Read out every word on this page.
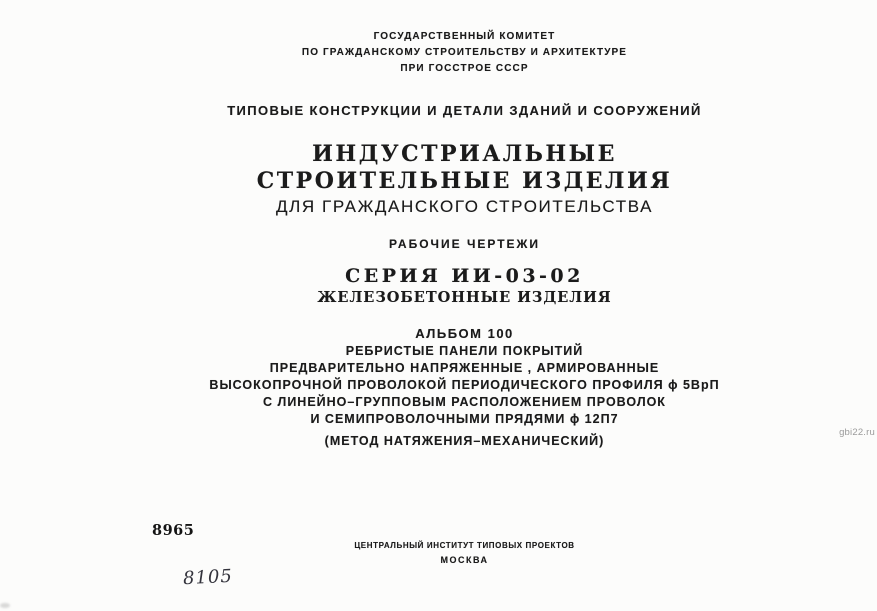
ГОСУДАРСТВЕННЫЙ КОМИТЕТ
ПО ГРАЖДАНСКОМУ СТРОИТЕЛЬСТВУ И АРХИТЕКТУРЕ
ПРИ ГОССТРОЕ СССР
ТИПОВЫЕ КОНСТРУКЦИИ И ДЕТАЛИ ЗДАНИЙ И СООРУЖЕНИЙ
ИНДУСТРИАЛЬНЫЕ
СТРОИТЕЛЬНЫЕ ИЗДЕЛИЯ
ДЛЯ ГРАЖДАНСКОГО СТРОИТЕЛЬСТВА
РАБОЧИЕ ЧЕРТЕЖИ
СЕРИЯ ИИ-03-02
ЖЕЛЕЗОБЕТОННЫЕ ИЗДЕЛИЯ
АЛЬБОМ 100
РЕБРИСТЫЕ ПАНЕЛИ ПОКРЫТИЙ
ПРЕДВАРИТЕЛЬНО НАПРЯЖЕННЫЕ , АРМИРОВАННЫЕ
ВЫСОКОПРОЧНОЙ ПРОВОЛОКОЙ ПЕРИОДИЧЕСКОГО ПРОФИЛЯ ϕ 5ВрП
С ЛИНЕЙНО–ГРУППОВЫМ РАСПОЛОЖЕНИЕМ ПРОВОЛОК
И СЕМИПРОВОЛОЧНЫМИ ПРЯДЯМИ ϕ 12П7
(МЕТОД НАТЯЖЕНИЯ–МЕХАНИЧЕСКИЙ)
ЦЕНТРАЛЬНЫЙ ИНСТИТУТ ТИПОВЫХ ПРОЕКТОВ
МОСКВА
8965
8105
gbi22.ru
